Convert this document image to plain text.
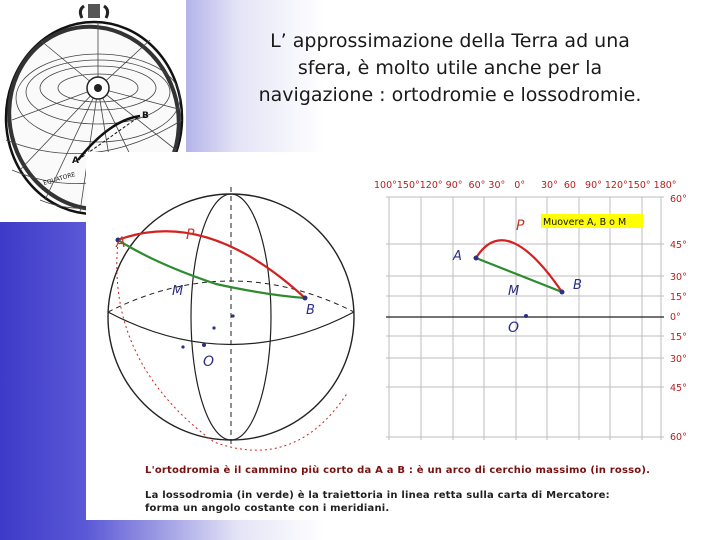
L’ approssimazione della Terra ad una sfera, è molto utile anche per la navigazione : ortodromie e lossodromie.
A
B
EQUATORE
A	P
M
B
O
100°150°120° 90°  60° 30°   0° 30°  60   90° 120°150° 180°
60°
45°
30°
15°
0°
15°
30°
45°
60°
Muovere A, B o M
P
A
M	B
O
L'ortodromia è il cammino più corto da A a B : è un arco di cerchio massimo (in rosso).
La lossodromia (in verde) è la traiettoria in linea retta sulla carta di Mercatore:
forma un angolo costante con i meridiani.
